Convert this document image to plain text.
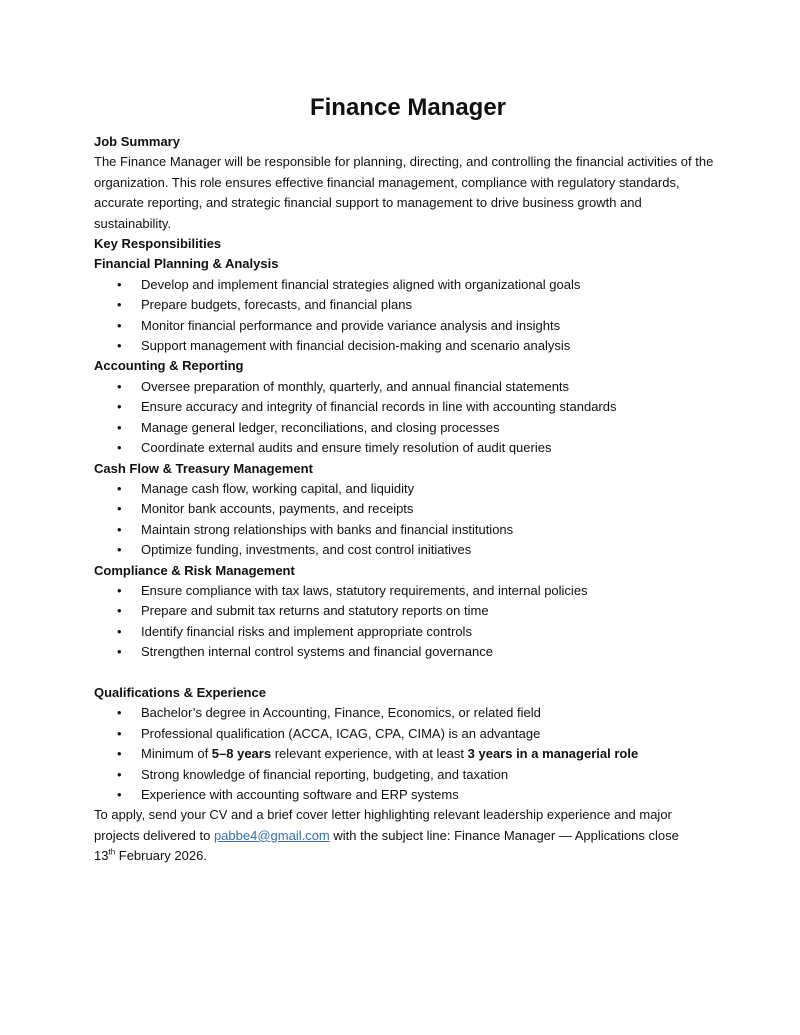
Finance Manager

Job Summary

The Finance Manager will be responsible for planning, directing, and controlling the financial activities of the organization. This role ensures effective financial management, compliance with regulatory standards, accurate reporting, and strategic financial support to management to drive business growth and sustainability.

Key Responsibilities

Financial Planning & Analysis

• Develop and implement financial strategies aligned with organizational goals
• Prepare budgets, forecasts, and financial plans
• Monitor financial performance and provide variance analysis and insights
• Support management with financial decision-making and scenario analysis

Accounting & Reporting

• Oversee preparation of monthly, quarterly, and annual financial statements
• Ensure accuracy and integrity of financial records in line with accounting standards
• Manage general ledger, reconciliations, and closing processes
• Coordinate external audits and ensure timely resolution of audit queries

Cash Flow & Treasury Management

• Manage cash flow, working capital, and liquidity
• Monitor bank accounts, payments, and receipts
• Maintain strong relationships with banks and financial institutions
• Optimize funding, investments, and cost control initiatives

Compliance & Risk Management

• Ensure compliance with tax laws, statutory requirements, and internal policies
• Prepare and submit tax returns and statutory reports on time
• Identify financial risks and implement appropriate controls
• Strengthen internal control systems and financial governance

Qualifications & Experience

• Bachelor’s degree in Accounting, Finance, Economics, or related field
• Professional qualification (ACCA, ICAG, CPA, CIMA) is an advantage
• Minimum of 5–8 years relevant experience, with at least 3 years in a managerial role
• Strong knowledge of financial reporting, budgeting, and taxation
• Experience with accounting software and ERP systems

To apply, send your CV and a brief cover letter highlighting relevant leadership experience and major projects delivered to pabbe4@gmail.com with the subject line: Finance Manager — Applications close
13th February 2026.
